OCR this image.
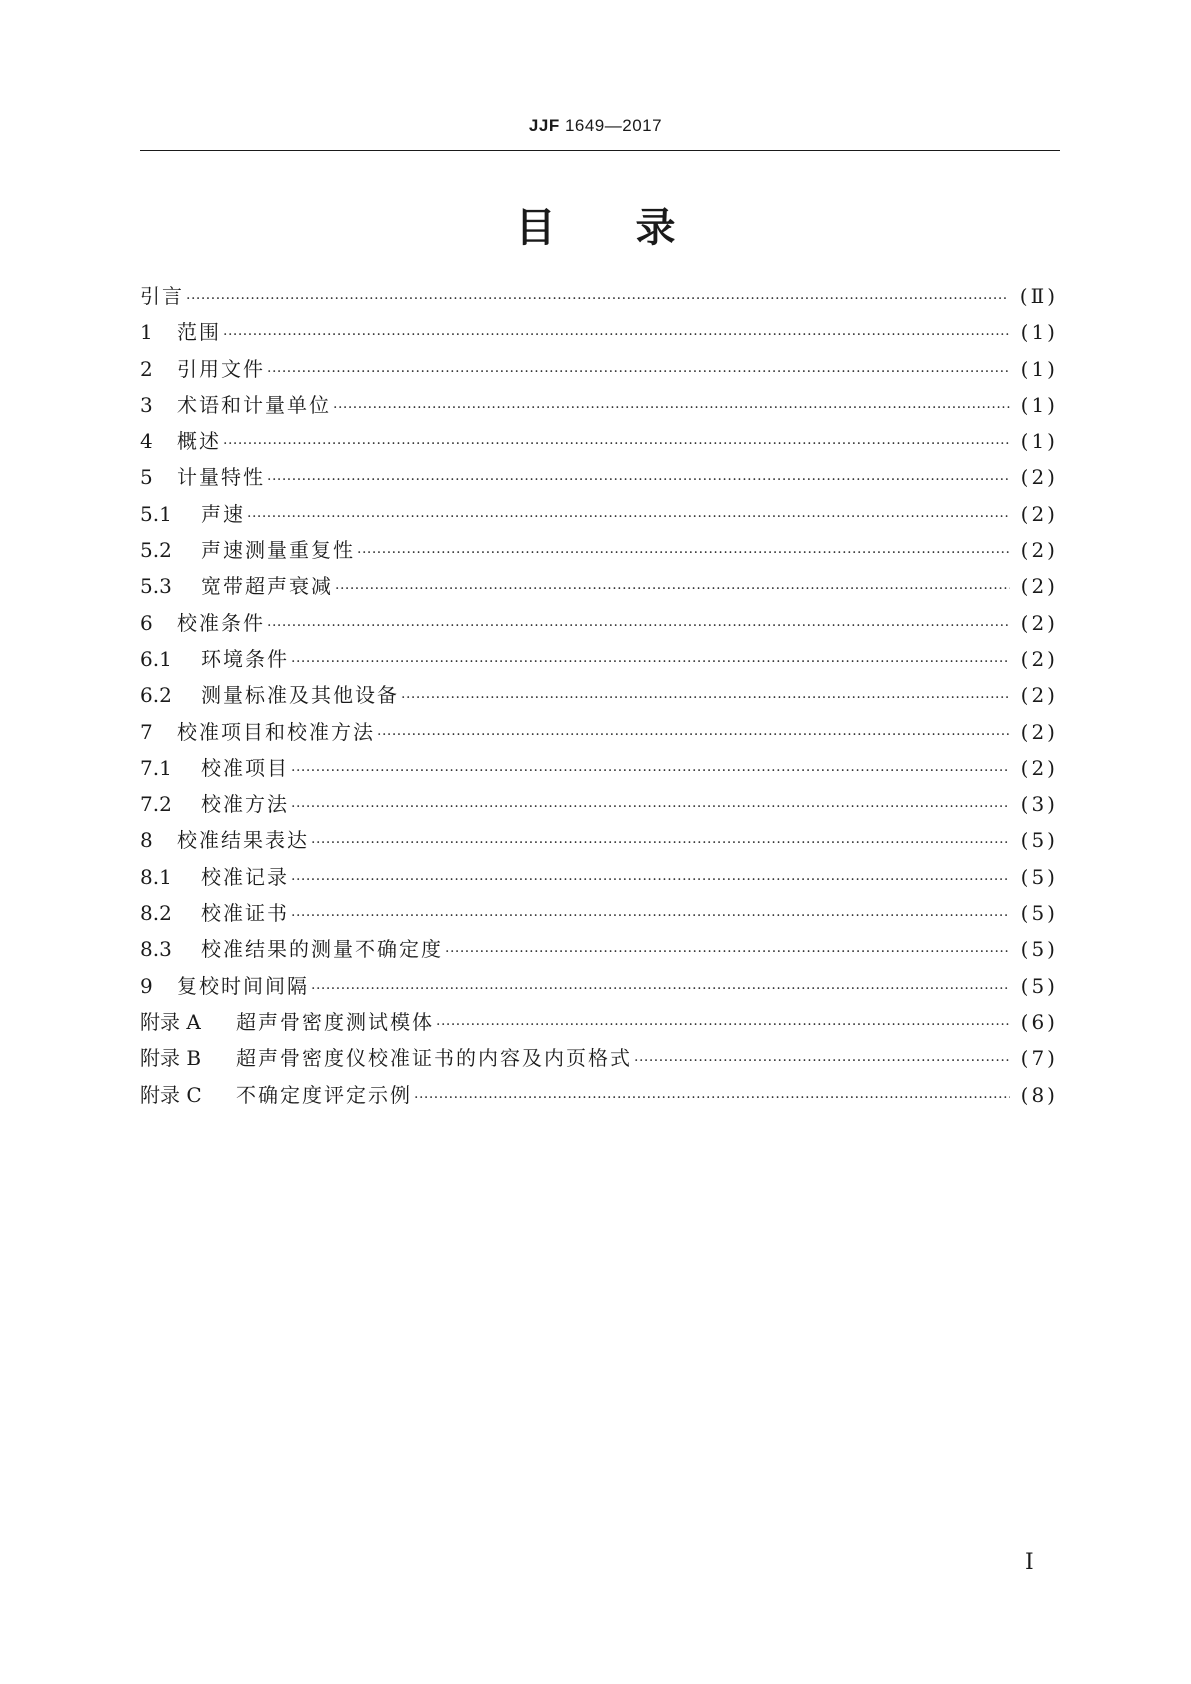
JJF 1649—2017
目 录
引言 ·····	(Ⅱ)
1	范围 ·····	(1)
2	引用文件 ·····	(1)
3	术语和计量单位 ·····	(1)
4	概述 ·····	(1)
5	计量特性 ·····	(2)
5.1	声速 ·····	(2)
5.2	声速测量重复性 ·····	(2)
5.3	宽带超声衰减 ·····	(2)
6	校准条件 ·····	(2)
6.1	环境条件 ·····	(2)
6.2	测量标准及其他设备 ·····	(2)
7	校准项目和校准方法 ·····	(2)
7.1	校准项目 ·····	(2)
7.2	校准方法 ·····	(3)
8	校准结果表达 ·····	(5)
8.1	校准记录 ·····	(5)
8.2	校准证书 ·····	(5)
8.3	校准结果的测量不确定度 ·····	(5)
9	复校时间间隔 ·····	(5)
附录 A	超声骨密度测试模体 ·····	(6)
附录 B	超声骨密度仪校准证书的内容及内页格式 ·····	(7)
附录 C	不确定度评定示例 ·····	(8)
I
